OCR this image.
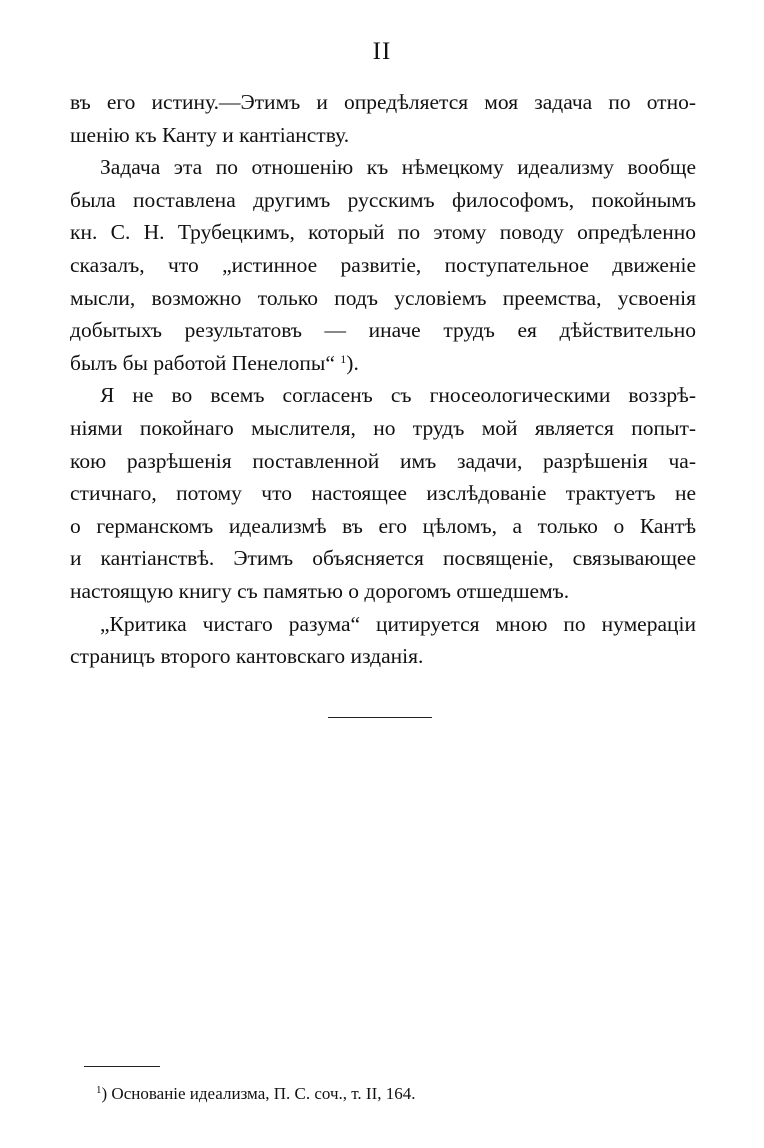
II
въ его истину.—Этимъ и опредѣляется моя задача по отно-
шенію къ Канту и кантіанству.
Задача эта по отношенію къ нѣмецкому идеализму вообще
была поставлена другимъ русскимъ философомъ, покойнымъ
кн. С. Н. Трубецкимъ, который по этому поводу опредѣленно
сказалъ, что „истинное развитіе, поступательное движеніе
мысли, возможно только подъ условіемъ преемства, усвоенія
добытыхъ результатовъ — иначе трудъ ея дѣйствительно
былъ бы работой Пенелопы“ $^1$).
Я не во всемъ согласенъ съ гносеологическими воззрѣ-
ніями покойнаго мыслителя, но трудъ мой является попыт-
кою разрѣшенія поставленной имъ задачи, разрѣшенія ча-
стичнаго, потому что настоящее изслѣдованіе трактуетъ не
о германскомъ идеализмѣ въ его цѣломъ, а только о Кантѣ
и кантіанствѣ. Этимъ объясняется посвященіе, связывающее
настоящую книгу съ памятью о дорогомъ отшедшемъ.
„Критика чистаго разума“ цитируется мною по нумераціи
страницъ второго кантовскаго изданія.
$^1$) Основаніе идеализма, П. С. соч., т. II, 164.
